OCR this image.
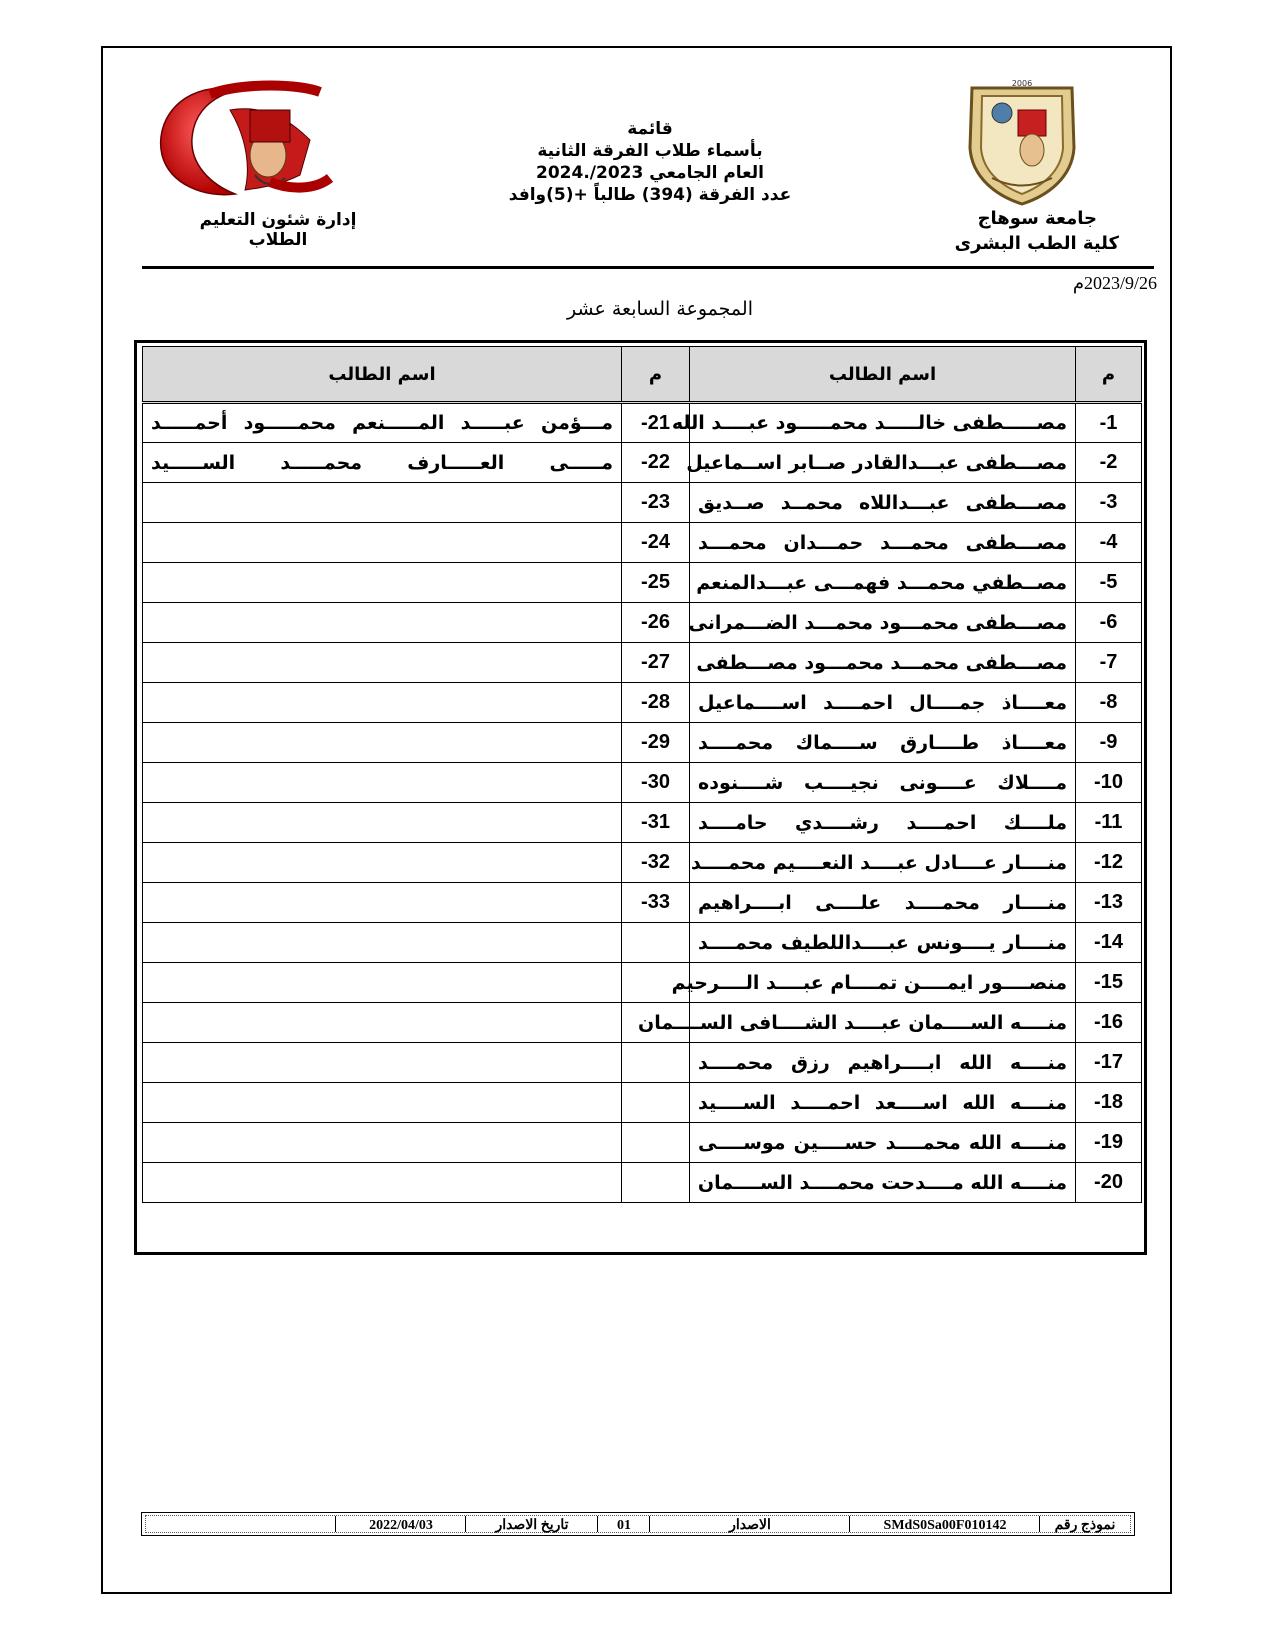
2006
قائمة
بأسماء طلاب الفرقة الثانية
العام الجامعي 2023/.2024
عدد الفرقة (394) طالباً +(5)وافد
جامعة سوهاج
كلية الطب البشرى
إدارة شئون التعليم الطلاب
2023/9/26م
المجموعة السابعة عشر
م	اسم الطالب	م	اسم الطالب
-1	مصـــــطفى خالـــــد محمـــــود عبــــد الله	-21	مـــؤمن عبـــــد المـــــنعم محمـــــود أحمـــــد
-2	مصـــطفى عبـــدالقادر صــابر اســماعيل	-22	مـــــى العـــــارف محمـــــد الســـــيد
-3	مصـــطفى عبـــداللاه محمــد صــديق	-23	
-4	مصـــطفى محمـــد حمـــدان محمـــد	-24	
-5	مصــطفي محمـــد فهمـــى عبـــدالمنعم	-25	
-6	مصـــطفى محمـــود محمـــد الضـــمرانى	-26	
-7	مصـــطفى محمـــد محمـــود مصـــطفى	-27	
-8	معــــاذ جمــــال احمــــد اســــماعيل	-28	
-9	معــــاذ طــــارق ســــماك محمــــد	-29	
-10	مــــلاك عــــونى نجيــــب شــــنوده	-30	
-11	ملــــك احمــــد رشــــدي حامــــد	-31	
-12	منــــار عــــادل عبــــد النعــــيم محمــــد	-32	
-13	منــــار محمــــد علــــى ابــــراهيم	-33	
-14	منــــار يــــونس عبــــداللطيف محمــــد		
-15	منصــــور ايمــــن تمــــام عبــــد الــــرحيم		
-16	منــــه الســــمان عبــــد الشــــافى الســــمان		
-17	منــــه الله ابــــراهيم رزق محمــــد		
-18	منــــه الله اســــعد احمــــد الســــيد		
-19	منــــه الله محمــــد حســــين موســــى		
-20	منــــه الله مــــدحت محمــــد الســــمان		
نموذج رقم
SMdS0Sa00F010142
الاصدار
01
تاريخ الاصدار
2022/04/03
